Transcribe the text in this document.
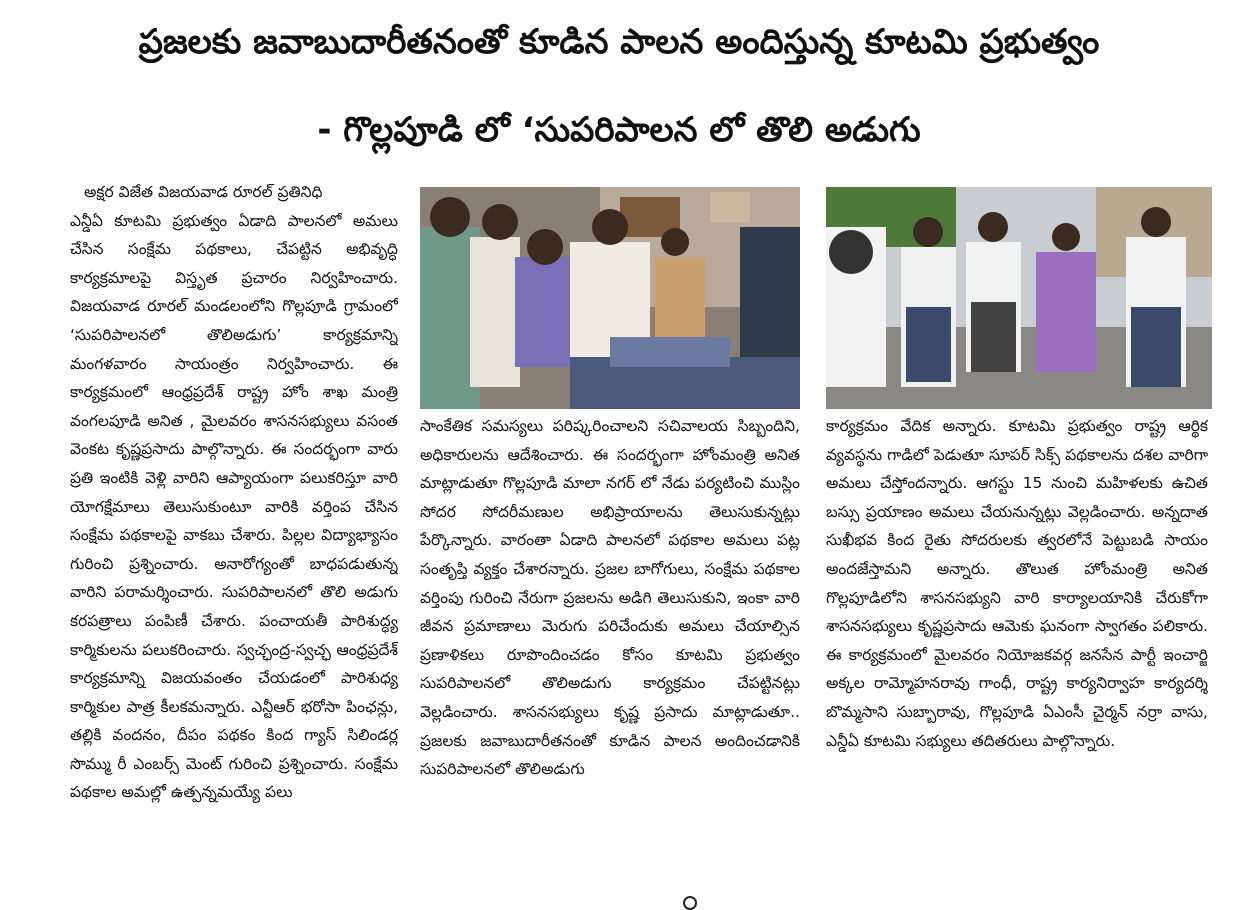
ప్రజలకు జవాబుదారీతనంతో కూడిన పాలన అందిస్తున్న కూటమి ప్రభుత్వం
- గొల్లపూడి లో ‘సుపరిపాలన లో తొలి అడుగు

అక్షర విజేత విజయవాడ రూరల్ ప్రతినిధి

ఎన్డీఏ కూటమి ప్రభుత్వం ఏడాది పాలనలో అమలు చేసిన సంక్షేమ పథకాలు, చేపట్టిన అభివృద్ధి కార్యక్రమాలపై విస్తృత ప్రచారం నిర్వహించారు. విజయవాడ రూరల్ మండలంలోని గొల్లపూడి గ్రామంలో ‘సుపరిపాలనలో తొలిఅడుగు’ కార్యక్రమాన్ని మంగళవారం సాయంత్రం నిర్వహించారు. ఈ కార్యక్రమంలో ఆంధ్రప్రదేశ్ రాష్ట్ర హోం శాఖ మంత్రి వంగలపూడి అనిత , మైలవరం శాసనసభ్యులు వసంత వెంకట కృష్ణప్రసాదు పాల్గొన్నారు. ఈ సందర్భంగా వారు ప్రతి ఇంటికి వెళ్లి వారిని ఆప్యాయంగా పలుకరిస్తూ వారి యోగక్షేమాలు తెలుసుకుంటూ వారికి వర్తింప చేసిన సంక్షేమ పథకాలపై వాకబు చేశారు. పిల్లల విద్యాభ్యాసం గురించి ప్రశ్నించారు. అనారోగ్యంతో బాధపడుతున్న వారిని పరామర్శించారు. సుపరిపాలనలో తొలి అడుగు కరపత్రాలు పంపిణీ చేశారు. పంచాయతీ పారిశుద్ధ్య కార్మికులను పలుకరించారు. స్వచ్ఛంద్ర-స్వచ్ఛ ఆంధ్రప్రదేశ్ కార్యక్రమాన్ని విజయవంతం చేయడంలో పారిశుధ్య కార్మికుల పాత్ర కీలకమన్నారు. ఎన్టీఆర్ భరోసా పింఛన్లు, తల్లికి వందనం, దీపం పథకం కింద గ్యాస్ సిలిండర్ల సొమ్ము రీ ఎంబర్స్ మెంట్ గురించి ప్రశ్నించారు. సంక్షేమ పథకాల అమల్లో ఉత్పన్నమయ్యే పలు

సాంకేతిక సమస్యలు పరిష్కరించాలని సచివాలయ సిబ్బందిని, అధికారులను ఆదేశించారు. ఈ సందర్భంగా హోంమంత్రి అనిత మాట్లాడుతూ గొల్లపూడి మాలా నగర్ లో నేడు పర్యటించి ముస్లిం సోదర సోదరీమణుల అభిప్రాయాలను తెలుసుకున్నట్లు పేర్కొన్నారు. వారంతా ఏడాది పాలనలో పథకాల అమలు పట్ల సంతృప్తి వ్యక్తం చేశారన్నారు. ప్రజల బాగోగులు, సంక్షేమ పథకాల వర్తింపు గురించి నేరుగా ప్రజలను అడిగి తెలుసుకుని, ఇంకా వారి జీవన ప్రమాణాలు మెరుగు పరిచేందుకు అమలు చేయాల్సిన ప్రణాళికలు రూపొందించడం కోసం కూటమి ప్రభుత్వం సుపరిపాలనలో తొలిఅడుగు కార్యక్రమం చేపట్టినట్లు వెల్లడించారు. శాసనసభ్యులు కృష్ణ ప్రసాదు మాట్లాడుతూ.. ప్రజలకు జవాబుదారీతనంతో కూడిన పాలన అందించడానికి సుపరిపాలనలో తొలిఅడుగు

కార్యక్రమం వేదిక అన్నారు. కూటమి ప్రభుత్వం రాష్ట్ర ఆర్థిక వ్యవస్థను గాడిలో పెడుతూ సూపర్ సిక్స్ పథకాలను దశల వారిగా అమలు చేస్తోందన్నారు. ఆగస్టు 15 నుంచి మహిళలకు ఉచిత బస్సు ప్రయాణం అమలు చేయనున్నట్లు వెల్లడించారు. అన్నదాత సుఖీభవ కింద రైతు సోదరులకు త్వరలోనే పెట్టుబడి సాయం అందజేస్తామని అన్నారు. తొలుత హోంమంత్రి అనిత గొల్లపూడిలోని శాసనసభ్యుని వారి కార్యాలయానికి చేరుకోగా శాసనసభ్యులు కృష్ణప్రసాదు ఆమెకు ఘనంగా స్వాగతం పలికారు. ఈ కార్యక్రమంలో మైలవరం నియోజకవర్గ జనసేన పార్టీ ఇంచార్జి అక్కల రామ్మోహనరావు గాంధీ, రాష్ట్ర కార్యనిర్వాహ కార్యదర్శి బొమ్మసాని సుబ్బారావు, గొల్లపూడి ఏఎంసీ చైర్మన్ నర్రా వాసు, ఎన్డీఏ కూటమి సభ్యులు తదితరులు పాల్గొన్నారు.
